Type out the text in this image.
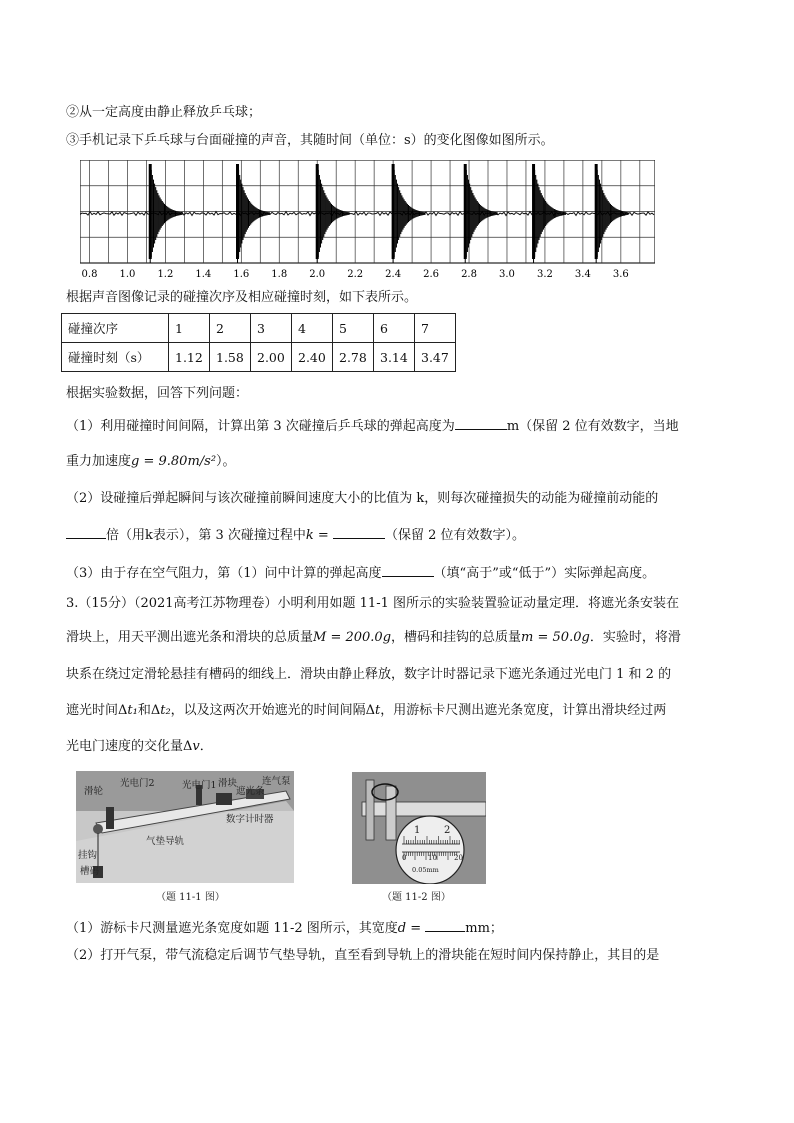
②从一定高度由静止释放乒乓球；
③手机记录下乒乓球与台面碰撞的声音，其随时间（单位：s）的变化图像如图所示。
0.8 1.0 1.2 1.4 1.6 1.8 2.0 2.2 2.4 2.6 2.8 3.0 3.2 3.4 3.6
根据声音图像记录的碰撞次序及相应碰撞时刻，如下表所示。
碰撞次序	1	2	3	4	5	6	7
碰撞时刻（s）	1.12	1.58	2.00	2.40	2.78	3.14	3.47
根据实验数据，回答下列问题：
（1）利用碰撞时间间隔，计算出第 3 次碰撞后乒乓球的弹起高度为	m（保留 2 位有效数字，当地
重力加速度g = 9.80m/s²）。
（2）设碰撞后弹起瞬间与该次碰撞前瞬间速度大小的比值为 k，则每次碰撞损失的动能为碰撞前动能的
倍（用k表示），第 3 次碰撞过程中k =	（保留 2 位有效数字）。
（3）由于存在空气阻力，第（1）问中计算的弹起高度	（填“高于”或“低于”）实际弹起高度。
3.（15分）（2021高考江苏物理卷）小明利用如题 11-1 图所示的实验装置验证动量定理．将遮光条安装在
滑块上，用天平测出遮光条和滑块的总质量M = 200.0g，槽码和挂钩的总质量m = 50.0g．实验时，将滑
块系在绕过定滑轮悬挂有槽码的细线上．滑块由静止释放，数字计时器记录下遮光条通过光电门 1 和 2 的
遮光时间Δt₁和Δt₂，以及这两次开始遮光的时间间隔Δt，用游标卡尺测出遮光条宽度，计算出滑块经过两
光电门速度的交化量Δv．
滑轮
光电门2	光电门1 滑块
遮光条
连气泵
数字计时器
气垫导轨
挂钩
槽码
（题 11-1 图）
1 2
0	10 20
0.05mm
（题 11-2 图）
（1）游标卡尺测量遮光条宽度如题 11-2 图所示，其宽度d =	mm；
（2）打开气泵，带气流稳定后调节气垫导轨，直至看到导轨上的滑块能在短时间内保持静止，其目的是
